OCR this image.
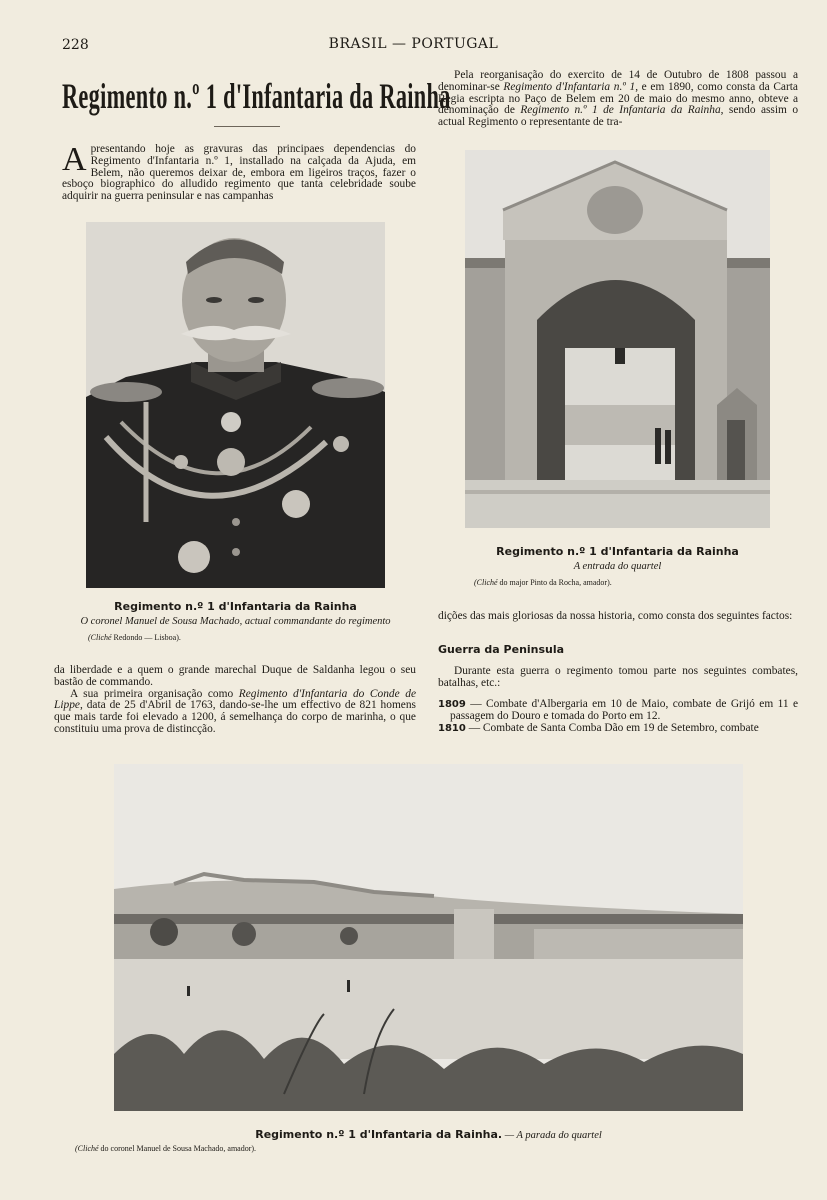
228	BRASIL — PORTUGAL
Regimento n.º 1 d'Infantaria da Rainha
Apresentando hoje as gravuras das principaes dependencias do Regimento d'Infantaria n.º 1, installado na calçada da Ajuda, em Belem, não queremos deixar de, embora em ligeiros traços, fazer o esboço biographico do alludido regimento que tanta celebridade soube adquirir na guerra peninsular e nas campanhas
Pela reorganisação do exercito de 14 de Outubro de 1808 passou a denominar-se Regimento d'Infantaria n.º 1, e em 1890, como consta da Carta Regia escripta no Paço de Belem em 20 de maio do mesmo anno, obteve a denominação de Regimento n.º 1 de Infantaria da Rainha, sendo assim o actual Regimento o representante de tra-
Regimento n.º 1 d'Infantaria da Rainha
O coronel Manuel de Sousa Machado, actual commandante do regimento
(Cliché Redondo — Lisboa).
da liberdade e a quem o grande marechal Duque de Saldanha legou o seu bastão de commando.
A sua primeira organisação como Regimento d'Infantaria do Conde de Lippe, data de 25 d'Abril de 1763, dando-se-lhe um effectivo de 821 homens que mais tarde foi elevado a 1200, á semelhança do corpo de marinha, o que constituiu uma prova de distincção.
Regimento n.º 1 d'Infantaria da Rainha
A entrada do quartel
(Cliché do major Pinto da Rocha, amador).
dições das mais gloriosas da nossa historia, como consta dos seguintes factos:
Guerra da Peninsula
Durante esta guerra o regimento tomou parte nos seguintes combates, batalhas, etc.:

1809 — Combate d'Albergaria em 10 de Maio, combate de Grijó em 11 e passagem do Douro e tomada do Porto em 12.

1810 — Combate de Santa Comba Dão em 19 de Setembro, combate

Regimento n.º 1 d'Infantaria da Rainha. — A parada do quartel
(Cliché do coronel Manuel de Sousa Machado, amador).
